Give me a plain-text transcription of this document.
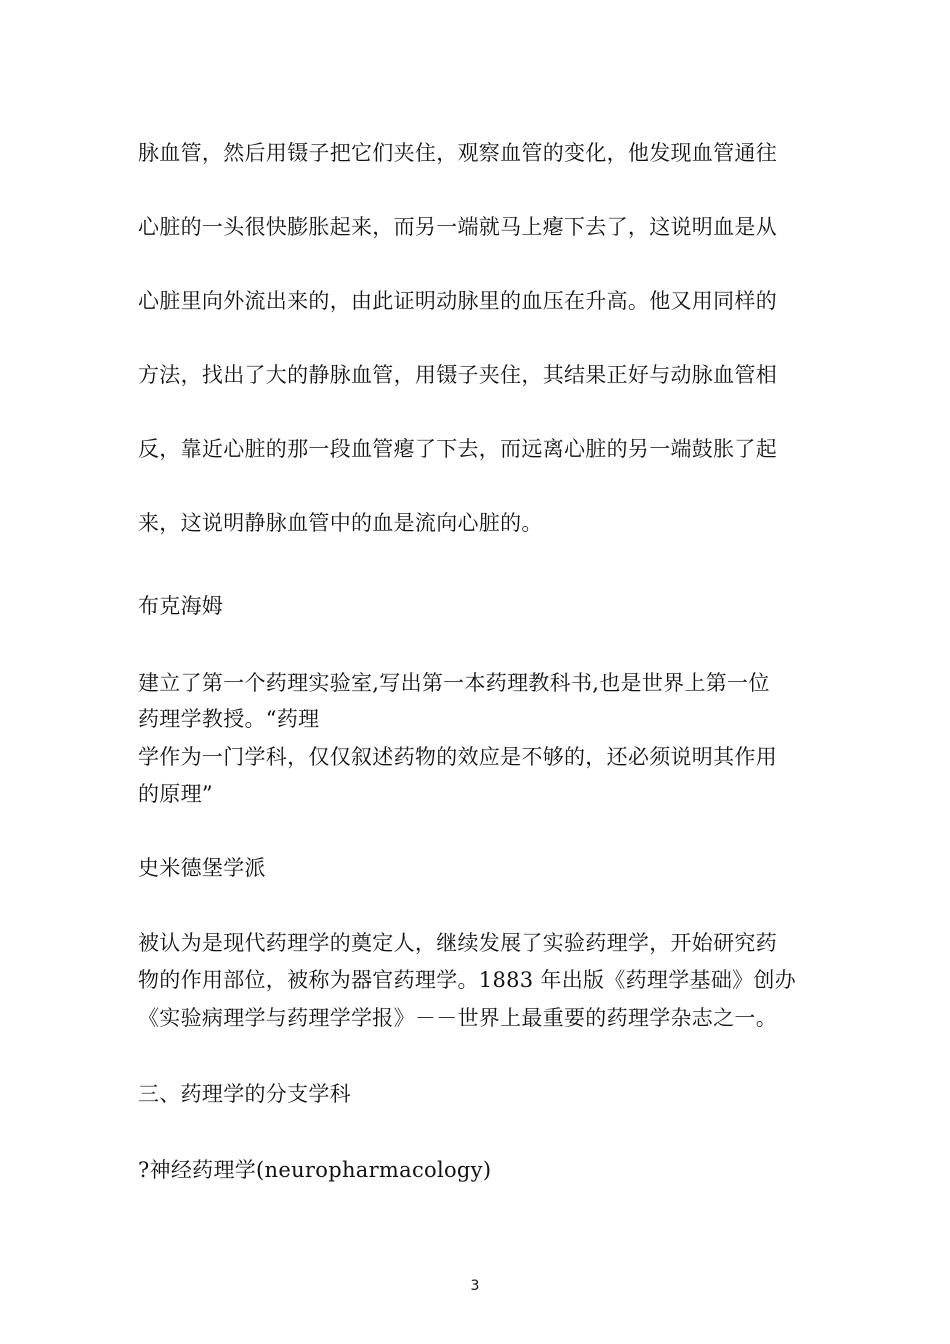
脉血管，然后用镊子把它们夹住，观察血管的变化，他发现血管通往
心脏的一头很快膨胀起来，而另一端就马上瘪下去了，这说明血是从
心脏里向外流出来的，由此证明动脉里的血压在升高。他又用同样的
方法，找出了大的静脉血管，用镊子夹住，其结果正好与动脉血管相
反，靠近心脏的那一段血管瘪了下去，而远离心脏的另一端鼓胀了起
来，这说明静脉血管中的血是流向心脏的。
布克海姆
建立了第一个药理实验室,写出第一本药理教科书,也是世界上第一位
药理学教授。“药理
学作为一门学科，仅仅叙述药物的效应是不够的，还必须说明其作用
的原理”
史米德堡学派
被认为是现代药理学的奠定人，继续发展了实验药理学，开始研究药
物的作用部位，被称为器官药理学。1883 年出版《药理学基础》创办
《实验病理学与药理学学报》－－世界上最重要的药理学杂志之一。
三、药理学的分支学科
?神经药理学(neuropharmacology)
3
